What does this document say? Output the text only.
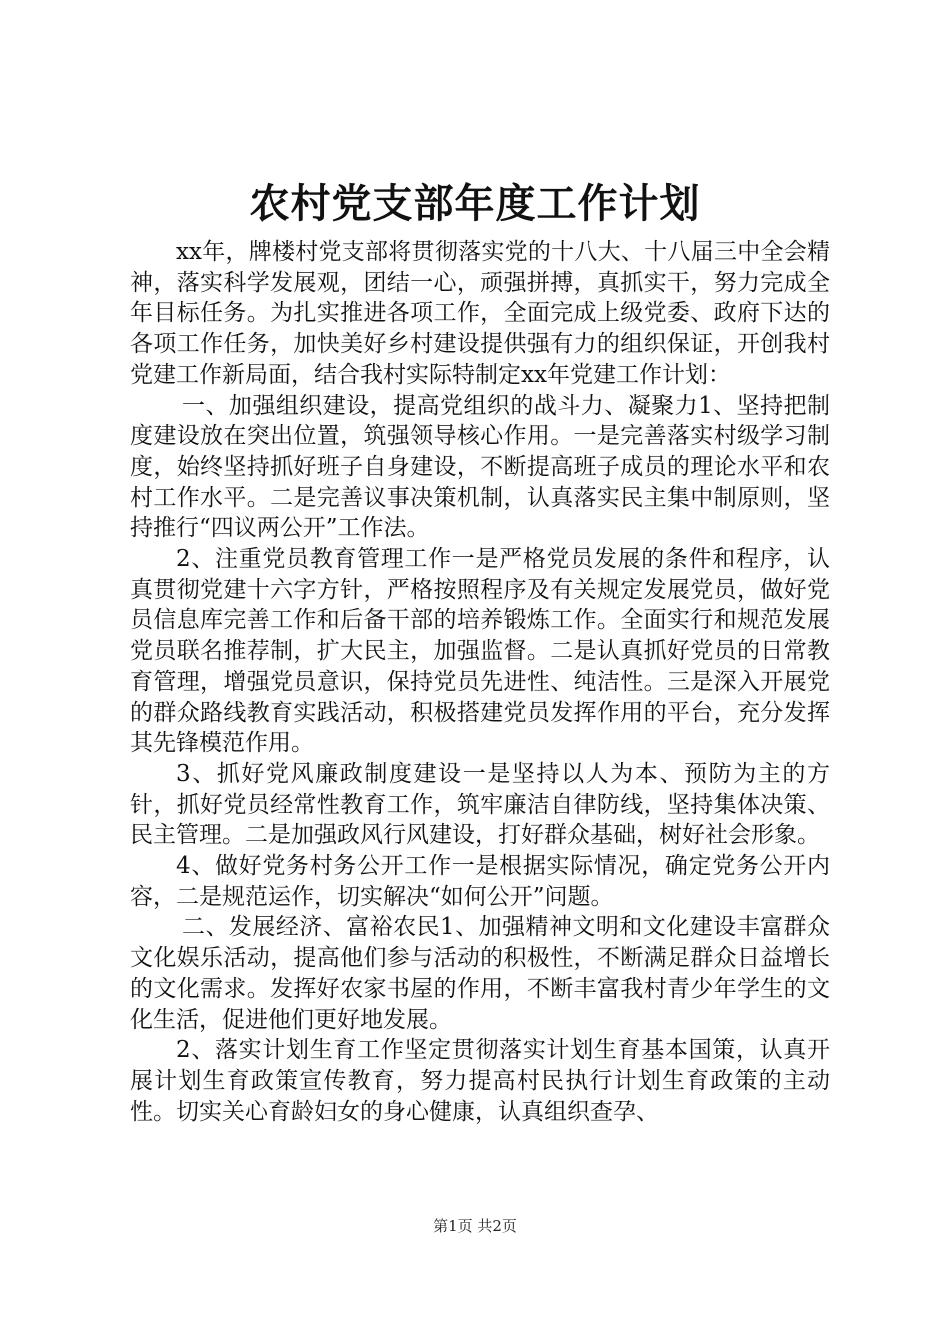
农村党支部年度工作计划

xx年，牌楼村党支部将贯彻落实党的十八大、十八届三中全会精神，落实科学发展观，团结一心，顽强拼搏，真抓实干，努力完成全年目标任务。为扎实推进各项工作，全面完成上级党委、政府下达的各项工作任务，加快美好乡村建设提供强有力的组织保证，开创我村党建工作新局面，结合我村实际特制定xx年党建工作计划：

一、加强组织建设，提高党组织的战斗力、凝聚力1、坚持把制度建设放在突出位置，筑强领导核心作用。一是完善落实村级学习制度，始终坚持抓好班子自身建设，不断提高班子成员的理论水平和农村工作水平。二是完善议事决策机制，认真落实民主集中制原则，坚持推行“四议两公开”工作法。

2、注重党员教育管理工作一是严格党员发展的条件和程序，认真贯彻党建十六字方针，严格按照程序及有关规定发展党员，做好党员信息库完善工作和后备干部的培养锻炼工作。全面实行和规范发展党员联名推荐制，扩大民主，加强监督。二是认真抓好党员的日常教育管理，增强党员意识，保持党员先进性、纯洁性。三是深入开展党的群众路线教育实践活动，积极搭建党员发挥作用的平台，充分发挥其先锋模范作用。

3、抓好党风廉政制度建设一是坚持以人为本、预防为主的方针，抓好党员经常性教育工作，筑牢廉洁自律防线，坚持集体决策、民主管理。二是加强政风行风建设，打好群众基础，树好社会形象。

4、做好党务村务公开工作一是根据实际情况，确定党务公开内容，二是规范运作，切实解决“如何公开”问题。

二、发展经济、富裕农民1、加强精神文明和文化建设丰富群众文化娱乐活动，提高他们参与活动的积极性，不断满足群众日益增长的文化需求。发挥好农家书屋的作用，不断丰富我村青少年学生的文化生活，促进他们更好地发展。

2、落实计划生育工作坚定贯彻落实计划生育基本国策，认真开展计划生育政策宣传教育，努力提高村民执行计划生育政策的主动性。切实关心育龄妇女的身心健康，认真组织查孕、

第1页 共2页
